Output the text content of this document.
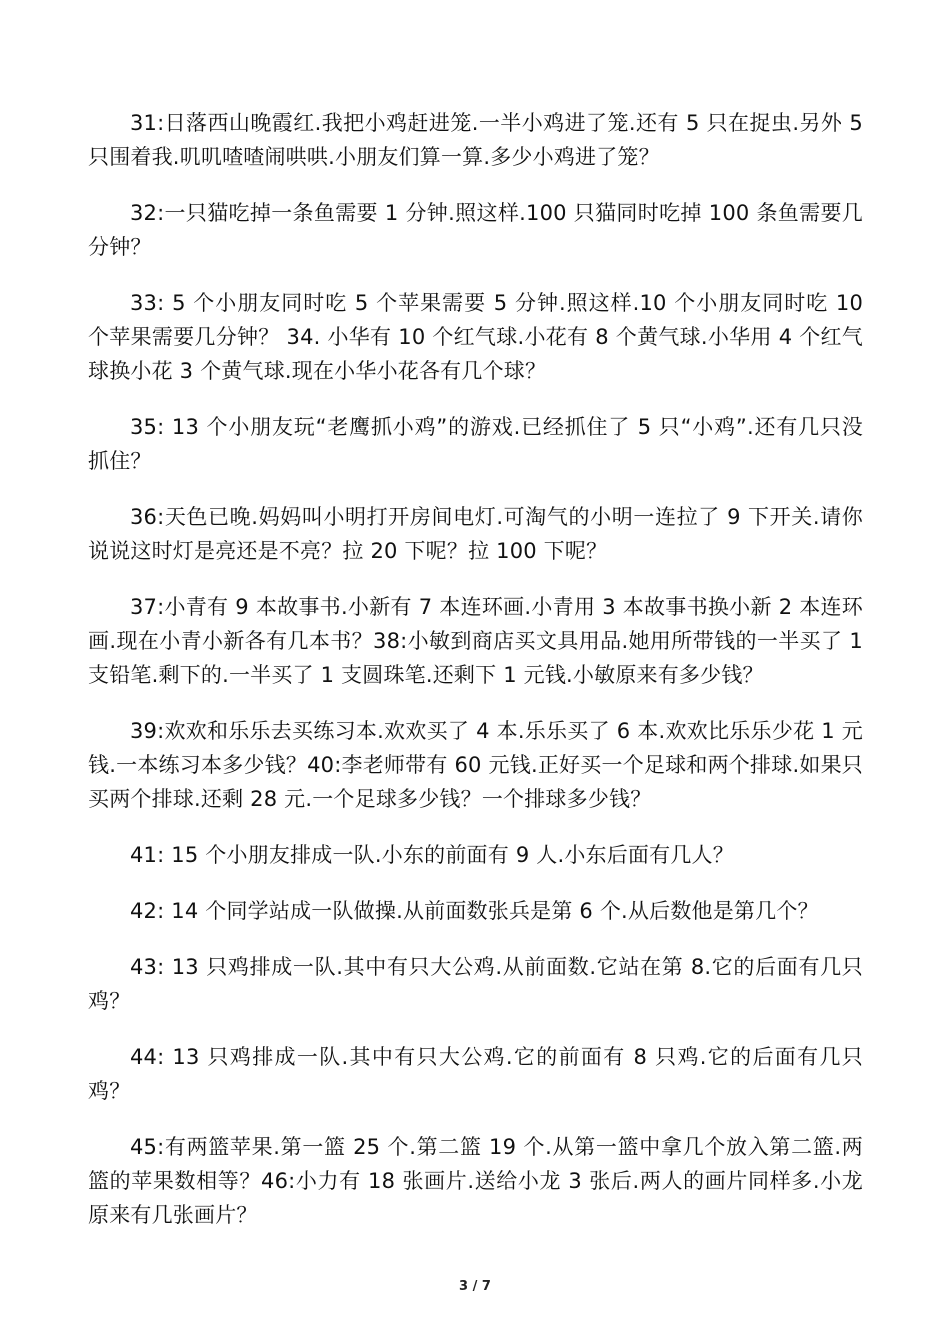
31:日落西山晚霞红.我把小鸡赶进笼.一半小鸡进了笼.还有 5 只在捉虫.另外 5 只围着我.叽叽喳喳闹哄哄.小朋友们算一算.多少小鸡进了笼？

32:一只猫吃掉一条鱼需要 1 分钟.照这样.100 只猫同时吃掉 100 条鱼需要几分钟？

33: 5 个小朋友同时吃 5 个苹果需要 5 分钟.照这样.10 个小朋友同时吃 10 个苹果需要几分钟？ 34. 小华有 10 个红气球.小花有 8 个黄气球.小华用 4 个红气球换小花 3 个黄气球.现在小华小花各有几个球？

35: 13 个小朋友玩“老鹰抓小鸡”的游戏.已经抓住了 5 只“小鸡”.还有几只没抓住？

36:天色已晚.妈妈叫小明打开房间电灯.可淘气的小明一连拉了 9 下开关.请你说说这时灯是亮还是不亮？拉 20 下呢？拉 100 下呢？

37:小青有 9 本故事书.小新有 7 本连环画.小青用 3 本故事书换小新 2 本连环画.现在小青小新各有几本书？38:小敏到商店买文具用品.她用所带钱的一半买了 1 支铅笔.剩下的.一半买了 1 支圆珠笔.还剩下 1 元钱.小敏原来有多少钱？

39:欢欢和乐乐去买练习本.欢欢买了 4 本.乐乐买了 6 本.欢欢比乐乐少花 1 元钱.一本练习本多少钱？40:李老师带有 60 元钱.正好买一个足球和两个排球.如果只买两个排球.还剩 28 元.一个足球多少钱？一个排球多少钱？

41: 15 个小朋友排成一队.小东的前面有 9 人.小东后面有几人？

42: 14 个同学站成一队做操.从前面数张兵是第 6 个.从后数他是第几个？

43: 13 只鸡排成一队.其中有只大公鸡.从前面数.它站在第 8.它的后面有几只鸡？

44: 13 只鸡排成一队.其中有只大公鸡.它的前面有 8 只鸡.它的后面有几只鸡？

45:有两篮苹果.第一篮 25 个.第二篮 19 个.从第一篮中拿几个放入第二篮.两篮的苹果数相等？46:小力有 18 张画片.送给小龙 3 张后.两人的画片同样多.小龙原来有几张画片？

3 / 7
